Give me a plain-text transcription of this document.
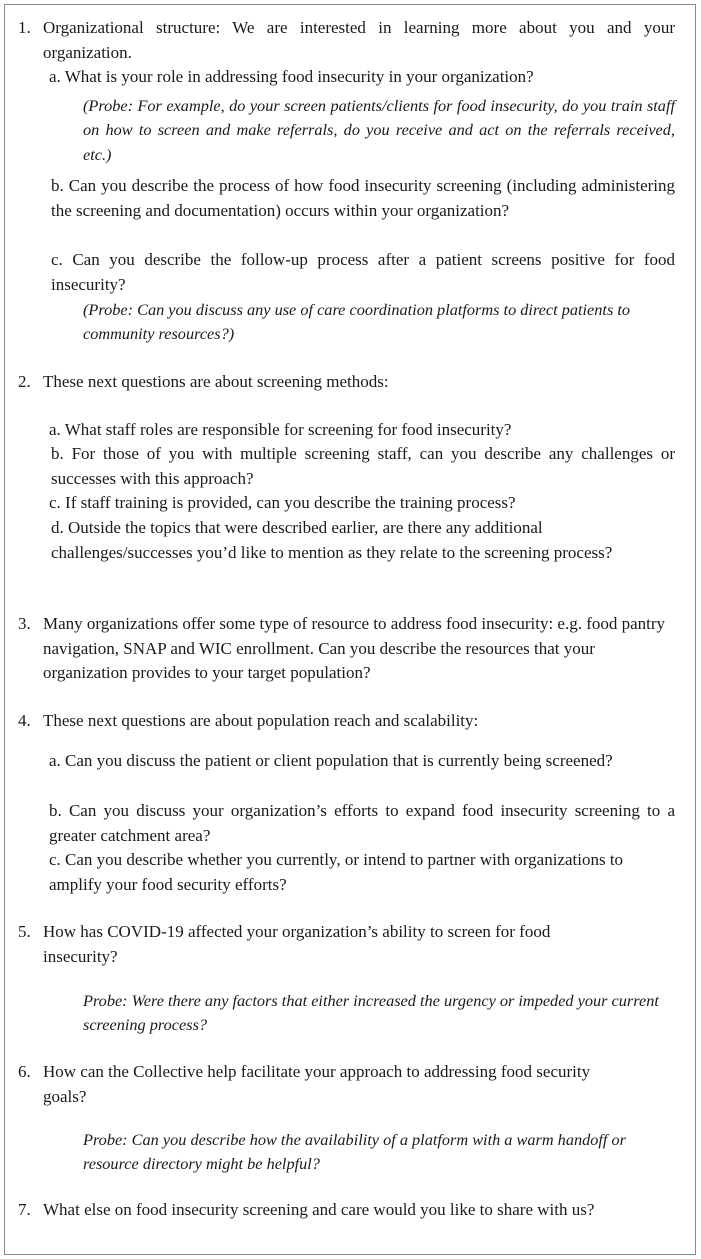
1. Organizational structure: We are interested in learning more about you and your organization.
a. What is your role in addressing food insecurity in your organization?
(Probe: For example, do your screen patients/clients for food insecurity, do you train staff on how to screen and make referrals, do you receive and act on the referrals received, etc.)
b. Can you describe the process of how food insecurity screening (including administering the screening and documentation) occurs within your organization?
c. Can you describe the follow-up process after a patient screens positive for food insecurity?
(Probe: Can you discuss any use of care coordination platforms to direct patients to community resources?)
2. These next questions are about screening methods:
a. What staff roles are responsible for screening for food insecurity?
b. For those of you with multiple screening staff, can you describe any challenges or successes with this approach?
c. If staff training is provided, can you describe the training process?
d. Outside the topics that were described earlier, are there any additional challenges/successes you’d like to mention as they relate to the screening process?
3. Many organizations offer some type of resource to address food insecurity: e.g. food pantry navigation, SNAP and WIC enrollment. Can you describe the resources that your organization provides to your target population?
4. These next questions are about population reach and scalability:
a. Can you discuss the patient or client population that is currently being screened?
b. Can you discuss your organization’s efforts to expand food insecurity screening to a greater catchment area?
c. Can you describe whether you currently, or intend to partner with organizations to amplify your food security efforts?
5. How has COVID-19 affected your organization’s ability to screen for food insecurity?
Probe: Were there any factors that either increased the urgency or impeded your current screening process?
6. How can the Collective help facilitate your approach to addressing food security goals?
Probe: Can you describe how the availability of a platform with a warm handoff or resource directory might be helpful?
7. What else on food insecurity screening and care would you like to share with us?
